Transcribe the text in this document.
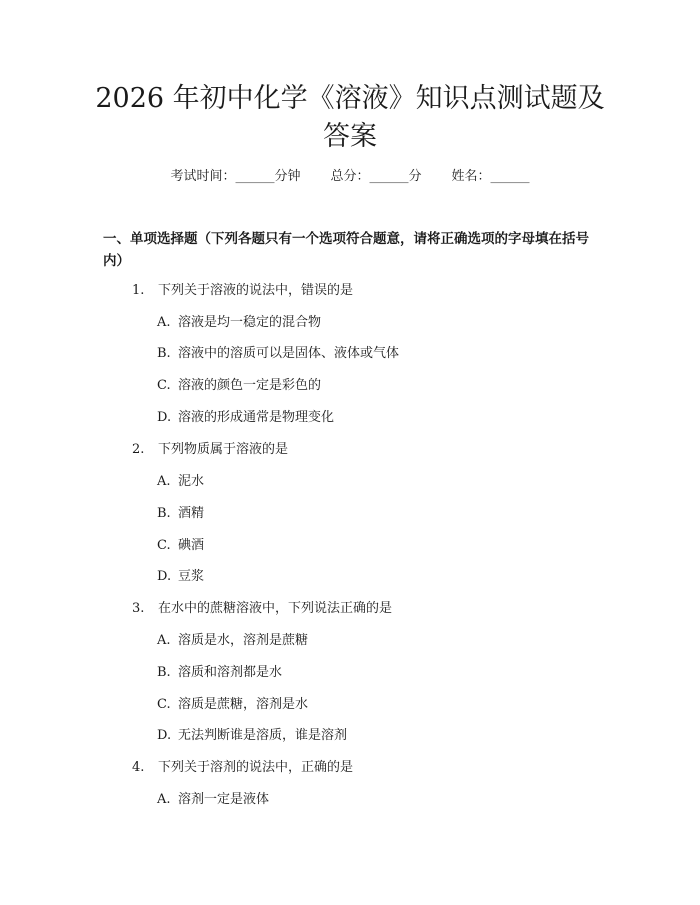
2026 年初中化学《溶液》知识点测试题及答案
考试时间：______分钟 总分：______分 姓名：______
一、单项选择题（下列各题只有一个选项符合题意，请将正确选项的字母填在括号内）
1. 下列关于溶液的说法中，错误的是
A. 溶液是均一稳定的混合物
B. 溶液中的溶质可以是固体、液体或气体
C. 溶液的颜色一定是彩色的
D. 溶液的形成通常是物理变化
2. 下列物质属于溶液的是
A. 泥水
B. 酒精
C. 碘酒
D. 豆浆
3. 在水中的蔗糖溶液中，下列说法正确的是
A. 溶质是水，溶剂是蔗糖
B. 溶质和溶剂都是水
C. 溶质是蔗糖，溶剂是水
D. 无法判断谁是溶质，谁是溶剂
4. 下列关于溶剂的说法中，正确的是
A. 溶剂一定是液体
